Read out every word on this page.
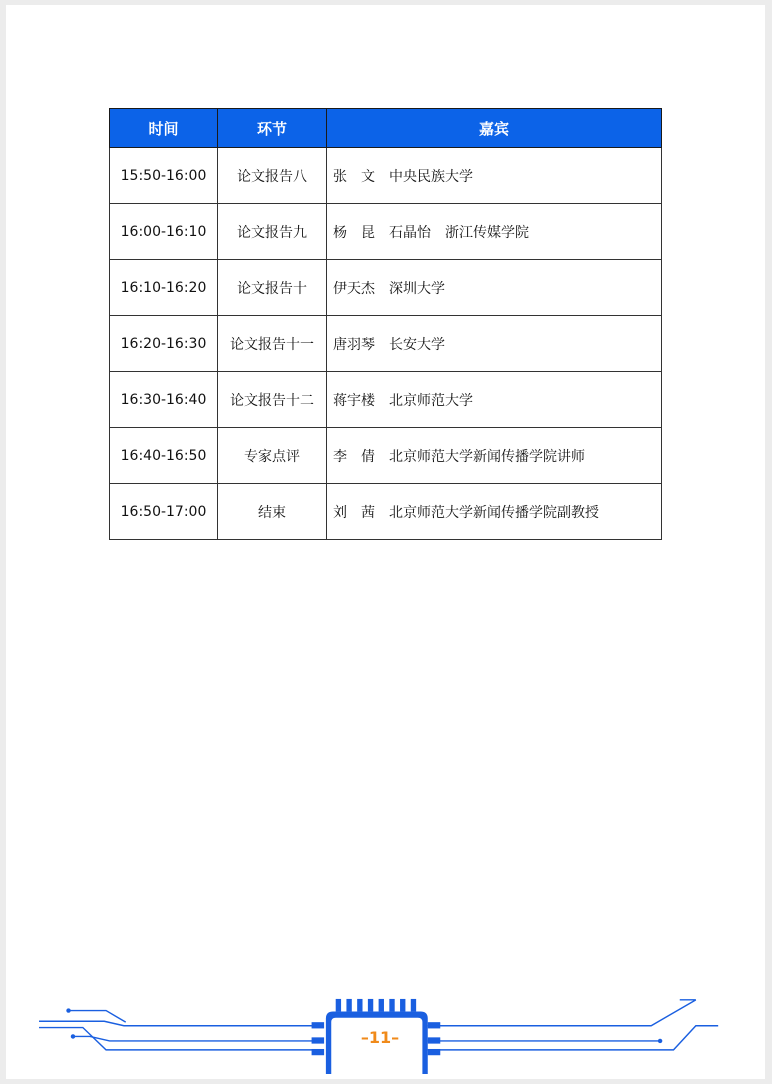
时间	环节	嘉宾
15:50-16:00	论文报告八	张　文　中央民族大学
16:00-16:10	论文报告九	杨　昆　石晶怡　浙江传媒学院
16:10-16:20	论文报告十	伊天杰　深圳大学
16:20-16:30	论文报告十一	唐羽琴　长安大学
16:30-16:40	论文报告十二	蒋宇楼　北京师范大学
16:40-16:50	专家点评	李　倩　北京师范大学新闻传播学院讲师
16:50-17:00	结束	刘　茜　北京师范大学新闻传播学院副教授
–11–
